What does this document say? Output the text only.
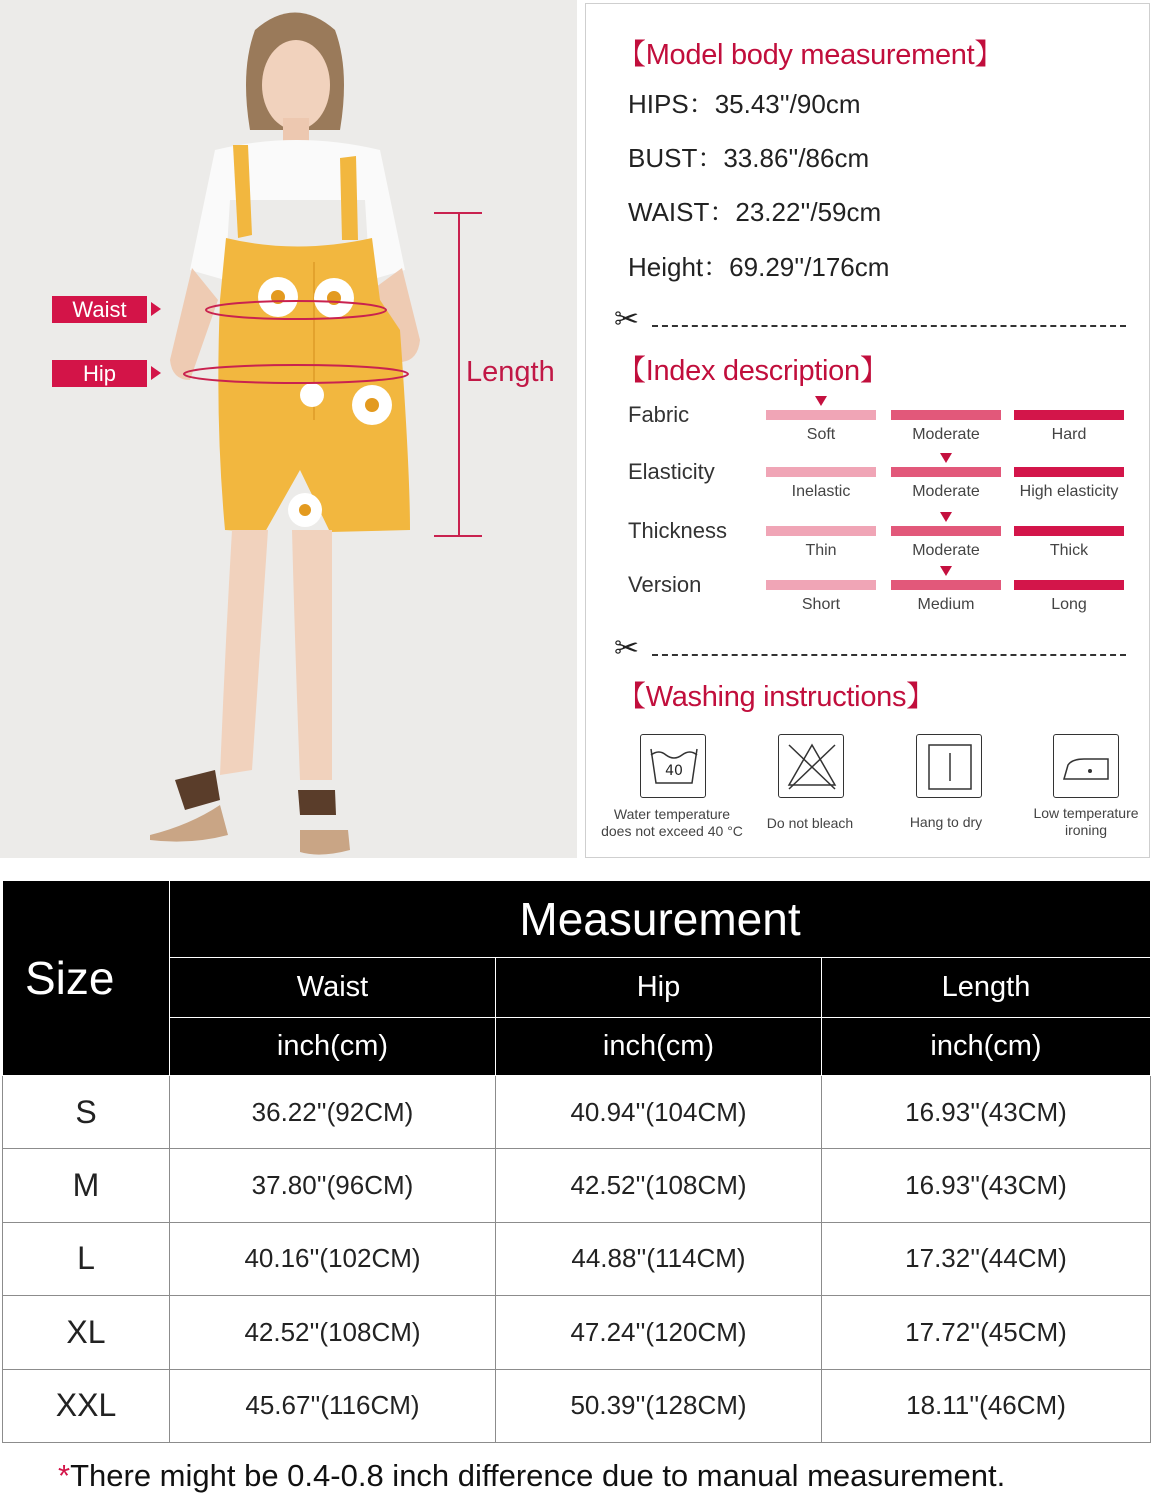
Waist
Hip	Length
【Model body measurement】
HIPS：35.43''/90cm
BUST：33.86''/86cm
WAIST：23.22''/59cm
Height：69.29''/176cm
✂
【Index description】
Fabric
Soft	Moderate	Hard
Elasticity
Inelastic	Moderate	High elasticity
Thickness
Thin	Moderate	Thick
Version
Short	Medium	Long
✂
【Washing instructions】
40
Water temperature
does not exceed 40 °C	Do not bleach	Hang to dry
Low temperature
ironing
Size	Measurement		
	Waist	Hip	Length
	inch(cm)	inch(cm)	inch(cm)
S	36.22''(92CM)	40.94''(104CM)	16.93''(43CM)
M	37.80''(96CM)	42.52''(108CM)	16.93''(43CM)
L	40.16''(102CM)	44.88''(114CM)	17.32''(44CM)
XL	42.52''(108CM)	47.24''(120CM)	17.72''(45CM)
XXL	45.67''(116CM)	50.39''(128CM)	18.11''(46CM)
*There might be 0.4-0.8 inch difference due to manual measurement.
